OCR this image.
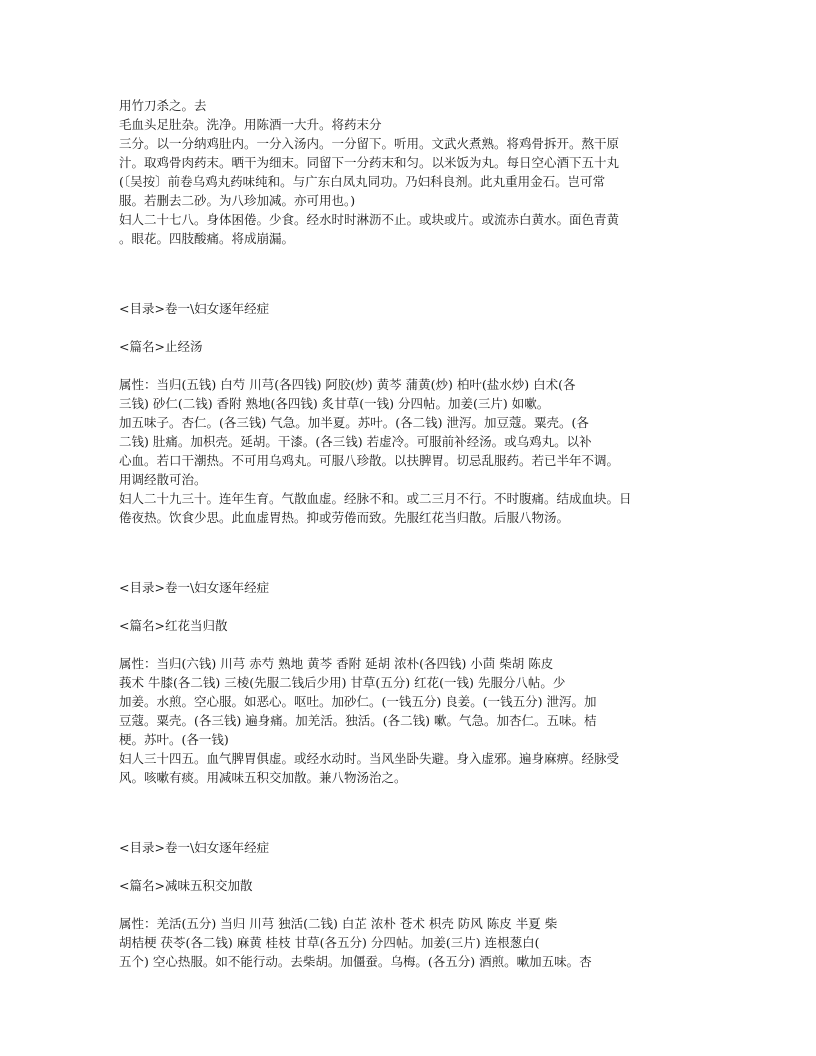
用竹刀杀之。去
毛血头足肚杂。洗净。用陈酒一大升。将药末分
三分。以一分纳鸡肚内。一分入汤内。一分留下。听用。文武火煮熟。将鸡骨拆开。熬干原
汁。取鸡骨肉药末。晒干为细末。同留下一分药末和匀。以米饭为丸。每日空心酒下五十丸
(〔吴按〕前卷乌鸡丸药味纯和。与广东白凤丸同功。乃妇科良剂。此丸重用金石。岂可常
服。若删去二砂。为八珍加减。亦可用也。)
妇人二十七八。身体困倦。少食。经水时时淋沥不止。或块或片。或流赤白黄水。面色青黄
。眼花。四肢酸痛。将成崩漏。
<目录>卷一\妇女逐年经症
<篇名>止经汤
属性：当归(五钱) 白芍 川芎(各四钱) 阿胶(炒) 黄芩 蒲黄(炒) 柏叶(盐水炒) 白术(各
三钱) 砂仁(二钱) 香附 熟地(各四钱) 炙甘草(一钱) 分四帖。加姜(三片) 如嗽。
加五味子。杏仁。(各三钱) 气急。加半夏。苏叶。(各二钱) 泄泻。加豆蔻。粟壳。(各
二钱) 肚痛。加枳壳。延胡。干漆。(各三钱) 若虚冷。可服前补经汤。或乌鸡丸。以补
心血。若口干潮热。不可用乌鸡丸。可服八珍散。以扶脾胃。切忌乱服药。若已半年不调。
用调经散可治。
妇人二十九三十。连年生育。气散血虚。经脉不和。或二三月不行。不时腹痛。结成血块。日
倦夜热。饮食少思。此血虚胃热。抑或劳倦而致。先服红花当归散。后服八物汤。
<目录>卷一\妇女逐年经症
<篇名>红花当归散
属性：当归(六钱) 川芎 赤芍 熟地 黄芩 香附 延胡 浓朴(各四钱) 小茴 柴胡 陈皮
莪术 牛膝(各二钱) 三棱(先服二钱后少用) 甘草(五分) 红花(一钱) 先服分八帖。少
加姜。水煎。空心服。如恶心。呕吐。加砂仁。(一钱五分) 良姜。(一钱五分) 泄泻。加
豆蔻。粟壳。(各三钱) 遍身痛。加羌活。独活。(各二钱) 嗽。气急。加杏仁。五味。桔
梗。苏叶。(各一钱)
妇人三十四五。血气脾胃俱虚。或经水动时。当风坐卧失避。身入虚邪。遍身麻痹。经脉受
风。咳嗽有痰。用减味五积交加散。兼八物汤治之。
<目录>卷一\妇女逐年经症
<篇名>减味五积交加散
属性：羌活(五分) 当归 川芎 独活(二钱) 白芷 浓朴 苍术 枳壳 防风 陈皮 半夏 柴
胡桔梗 茯苓(各二钱) 麻黄 桂枝 甘草(各五分) 分四帖。加姜(三片) 连根葱白(
五个) 空心热服。如不能行动。去柴胡。加僵蚕。乌梅。(各五分) 酒煎。嗽加五味。杏
